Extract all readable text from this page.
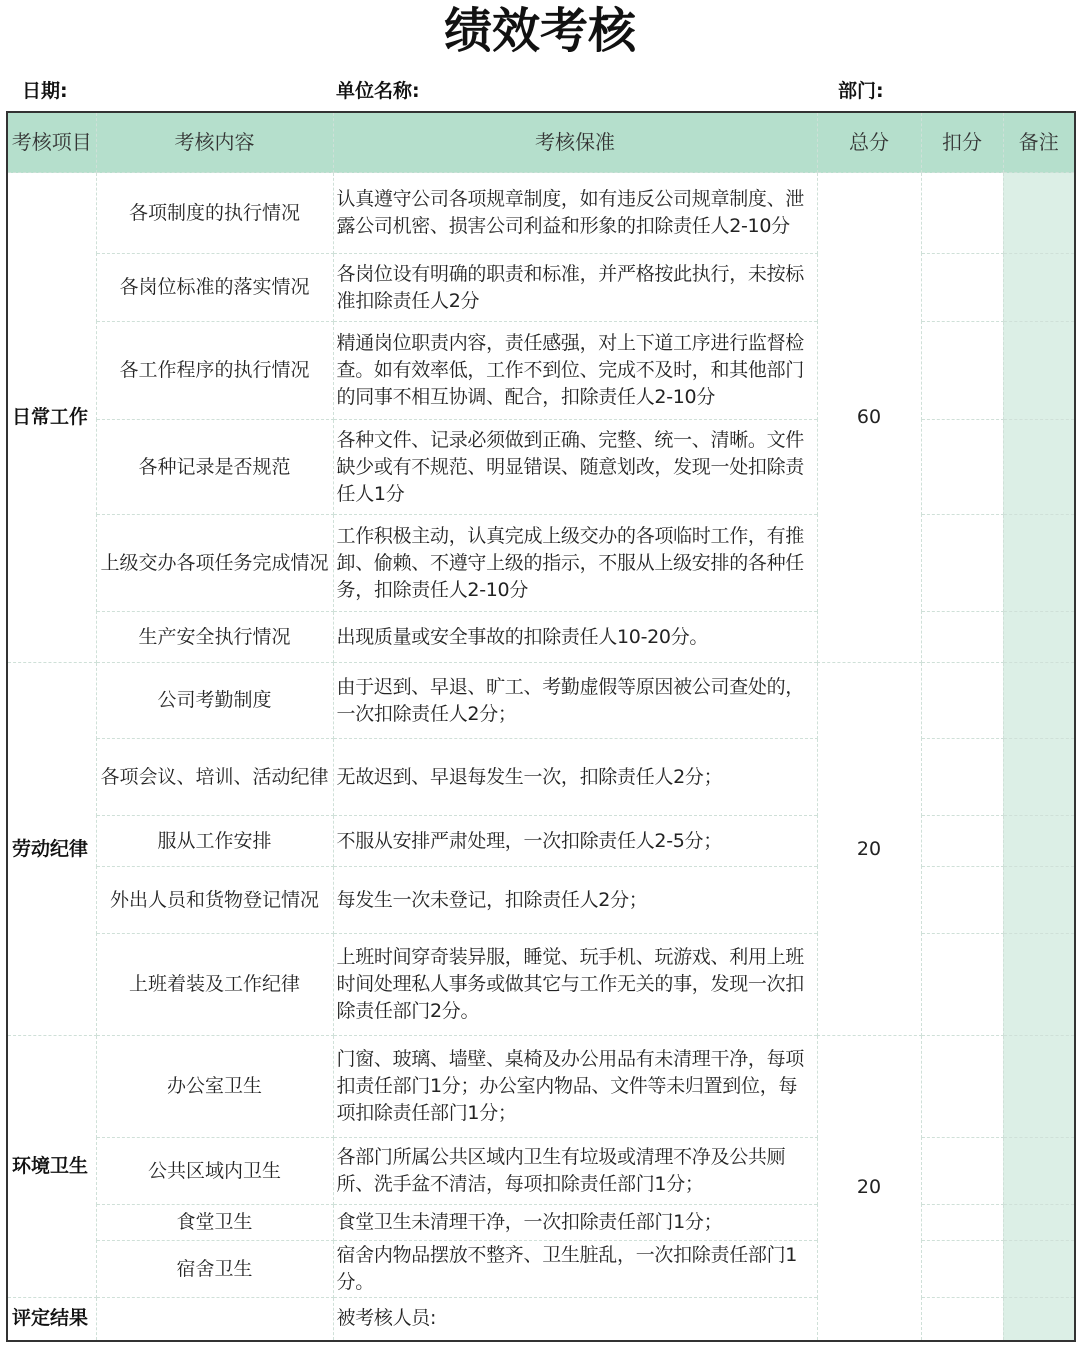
绩效考核
日期:	单位名称:	部门:
考核项目	考核内容	考核保准	总分	扣分	备注
日常工作	各项制度的执行情况	认真遵守公司各项规章制度，如有违反公司规章制度、泄露公司机密、损害公司利益和形象的扣除责任人2-10分	60		
	各岗位标准的落实情况	各岗位设有明确的职责和标准，并严格按此执行，未按标准扣除责任人2分			
	各工作程序的执行情况	精通岗位职责内容，责任感强，对上下道工序进行监督检查。如有效率低，工作不到位、完成不及时，和其他部门的同事不相互协调、配合，扣除责任人2-10分			
	各种记录是否规范	各种文件、记录必须做到正确、完整、统一、清晰。文件缺少或有不规范、明显错误、随意划改，发现一处扣除责任人1分			
	上级交办各项任务完成情况	工作积极主动，认真完成上级交办的各项临时工作，有推卸、偷赖、不遵守上级的指示，不服从上级安排的各种任务，扣除责任人2-10分			
	生产安全执行情况	出现质量或安全事故的扣除责任人10-20分。			
劳动纪律	公司考勤制度	由于迟到、早退、旷工、考勤虚假等原因被公司查处的，一次扣除责任人2分；	20		
	各项会议、培训、活动纪律	无故迟到、早退每发生一次，扣除责任人2分；			
	服从工作安排	不服从安排严肃处理，一次扣除责任人2-5分；			
	外出人员和货物登记情况	每发生一次未登记，扣除责任人2分；			
	上班着装及工作纪律	上班时间穿奇装异服，睡觉、玩手机、玩游戏、利用上班时间处理私人事务或做其它与工作无关的事，发现一次扣除责任部门2分。			
环境卫生	办公室卫生	门窗、玻璃、墙壁、桌椅及办公用品有未清理干净，每项扣责任部门1分；办公室内物品、文件等未归置到位，每项扣除责任部门1分；	20		
	公共区域内卫生	各部门所属公共区域内卫生有垃圾或清理不净及公共厕所、洗手盆不清洁，每项扣除责任部门1分；			
	食堂卫生	食堂卫生未清理干净，一次扣除责任部门1分；			
	宿舍卫生	宿舍内物品摆放不整齐、卫生脏乱，一次扣除责任部门1分。			
评定结果		被考核人员:			
